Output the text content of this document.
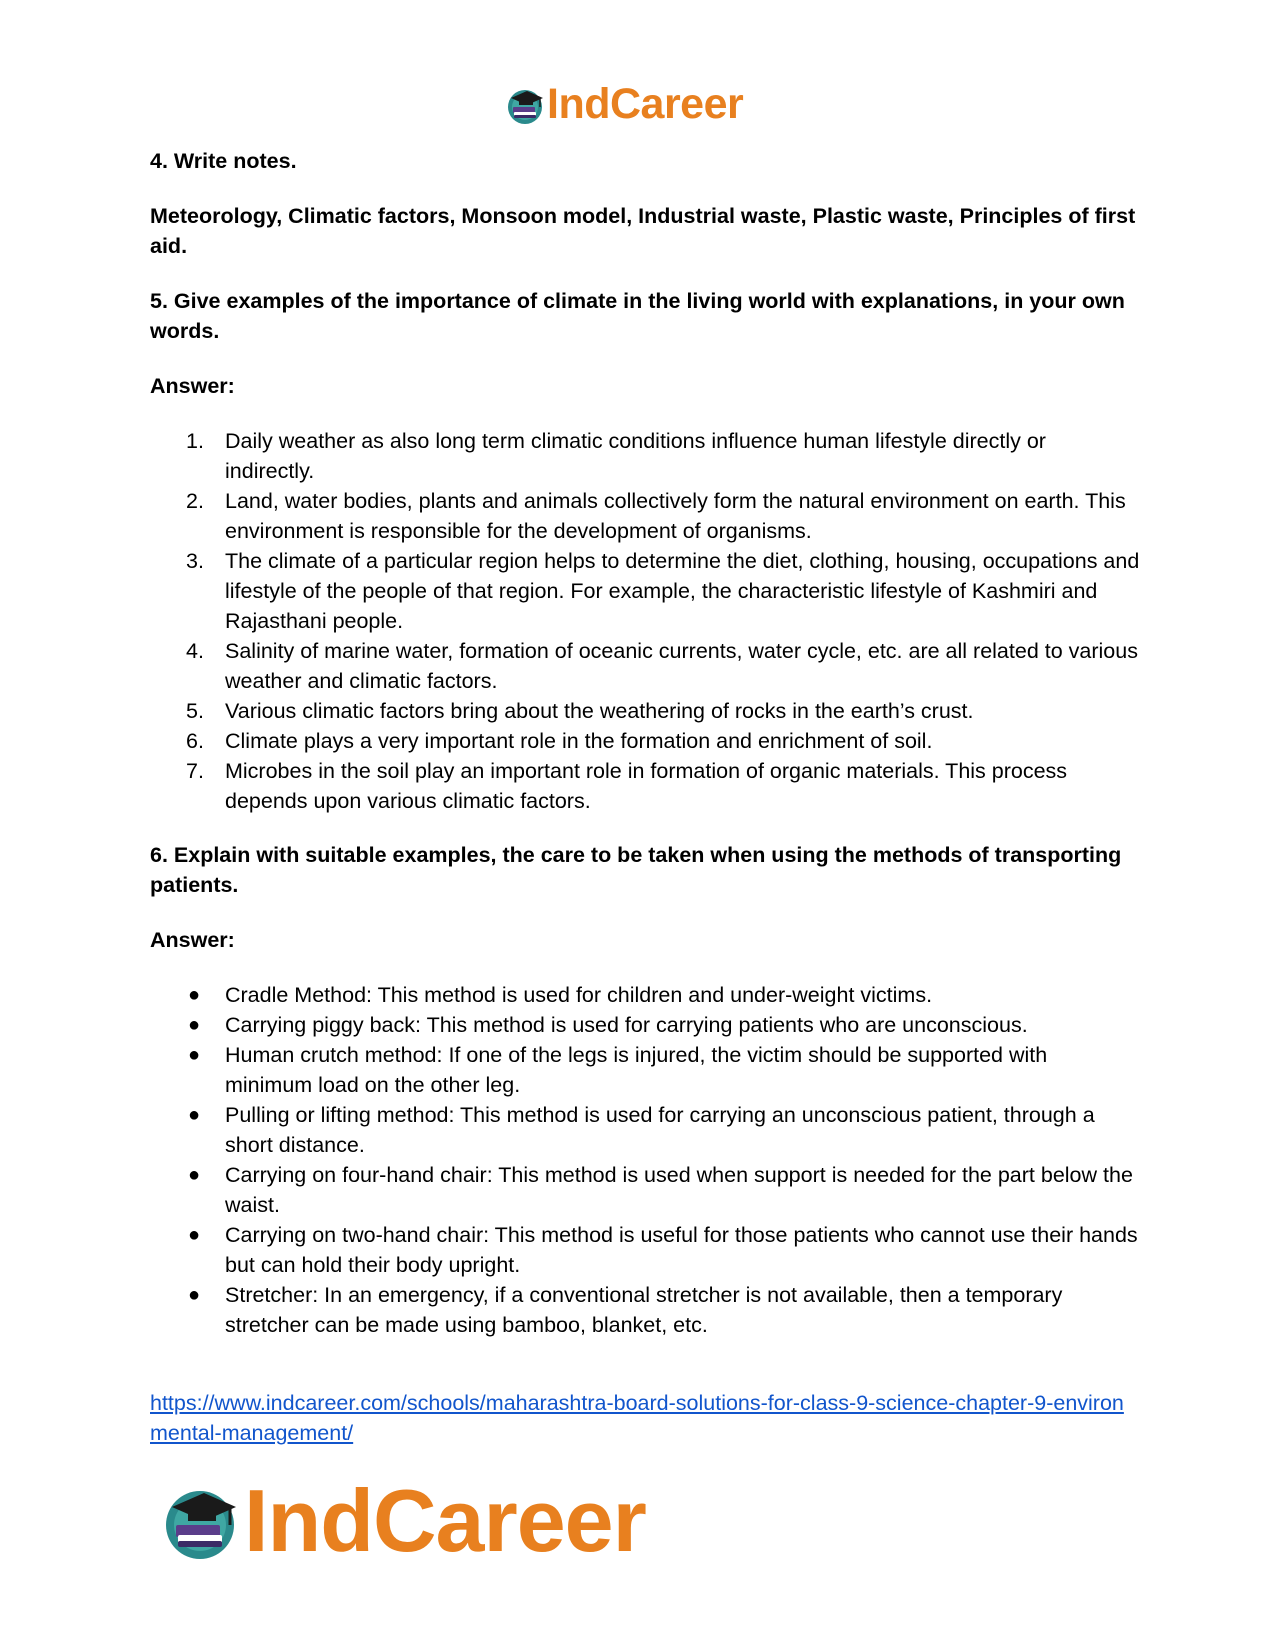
IndCareer

4. Write notes.

Meteorology, Climatic factors, Monsoon model, Industrial waste, Plastic waste, Principles of first aid.

5. Give examples of the importance of climate in the living world with explanations, in your own words.

Answer:

1. Daily weather as also long term climatic conditions influence human lifestyle directly or indirectly.
2. Land, water bodies, plants and animals collectively form the natural environment on earth. This environment is responsible for the development of organisms.
3. The climate of a particular region helps to determine the diet, clothing, housing, occupations and lifestyle of the people of that region. For example, the characteristic lifestyle of Kashmiri and Rajasthani people.
4. Salinity of marine water, formation of oceanic currents, water cycle, etc. are all related to various weather and climatic factors.
5. Various climatic factors bring about the weathering of rocks in the earth’s crust.
6. Climate plays a very important role in the formation and enrichment of soil.
7. Microbes in the soil play an important role in formation of organic materials. This process depends upon various climatic factors.

6. Explain with suitable examples, the care to be taken when using the methods of transporting patients.

Answer:

● Cradle Method: This method is used for children and under-weight victims.
● Carrying piggy back: This method is used for carrying patients who are unconscious.
● Human crutch method: If one of the legs is injured, the victim should be supported with minimum load on the other leg.
● Pulling or lifting method: This method is used for carrying an unconscious patient, through a short distance.
● Carrying on four-hand chair: This method is used when support is needed for the part below the waist.
● Carrying on two-hand chair: This method is useful for those patients who cannot use their hands but can hold their body upright.
● Stretcher: In an emergency, if a conventional stretcher is not available, then a temporary stretcher can be made using bamboo, blanket, etc.
https://www.indcareer.com/schools/maharashtra-board-solutions-for-class-9-science-chapter-9-environmental-management/
IndCareer
